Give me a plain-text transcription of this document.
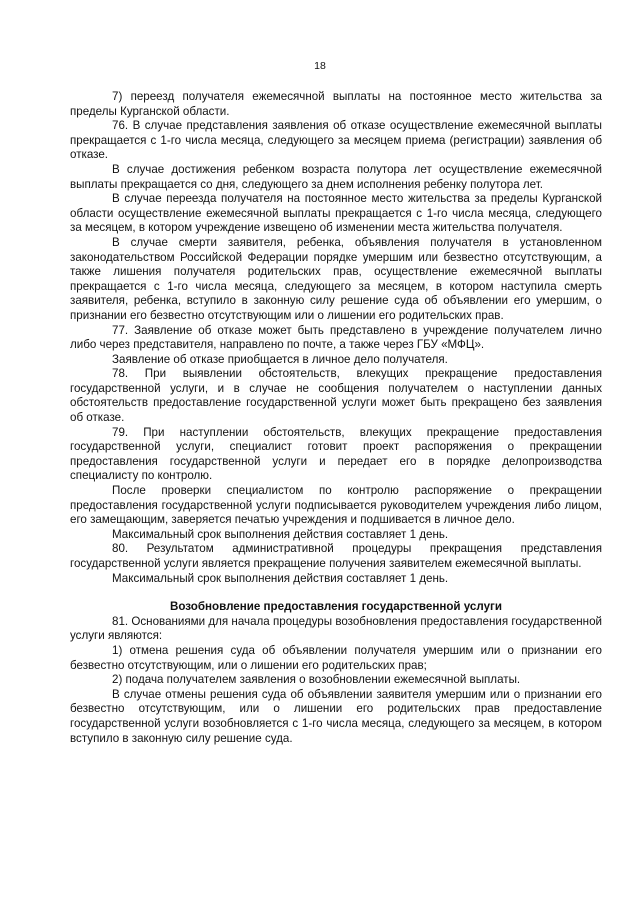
18

7) переезд получателя ежемесячной выплаты на постоянное место жительства за пределы Курганской области.

76. В случае представления заявления об отказе осуществление ежемесячной выплаты прекращается с 1-го числа месяца, следующего за месяцем приема (регистрации) заявления об отказе.

В случае достижения ребенком возраста полутора лет осуществление ежемесячной выплаты прекращается со дня, следующего за днем исполнения ребенку полутора лет.

В случае переезда получателя на постоянное место жительства за пределы Курганской области осуществление ежемесячной выплаты прекращается с 1-го числа месяца, следующего за месяцем, в котором учреждение извещено об изменении места жительства получателя.

В случае смерти заявителя, ребенка, объявления получателя в установленном законодательством Российской Федерации порядке умершим или безвестно отсутствующим, а также лишения получателя родительских прав, осуществление ежемесячной выплаты прекращается с 1-го числа месяца, следующего за месяцем, в котором наступила смерть заявителя, ребенка, вступило в законную силу решение суда об объявлении его умершим, о признании его безвестно отсутствующим или о лишении его родительских прав.

77. Заявление об отказе может быть представлено в учреждение получателем лично либо через представителя, направлено по почте, а также через ГБУ «МФЦ».

Заявление об отказе приобщается в личное дело получателя.

78. При выявлении обстоятельств, влекущих прекращение предоставления государственной услуги, и в случае не сообщения получателем о наступлении данных обстоятельств предоставление государственной услуги может быть прекращено без заявления об отказе.

79. При наступлении обстоятельств, влекущих прекращение предоставления государственной услуги, специалист готовит проект распоряжения о прекращении предоставления государственной услуги и передает его в порядке делопроизводства специалисту по контролю.

После проверки специалистом по контролю распоряжение о прекращении предоставления государственной услуги подписывается руководителем учреждения либо лицом, его замещающим, заверяется печатью учреждения и подшивается в личное дело.

Максимальный срок выполнения действия составляет 1 день.

80. Результатом административной процедуры прекращения представления государственной услуги является прекращение получения заявителем ежемесячной выплаты.

Максимальный срок выполнения действия составляет 1 день.

Возобновление предоставления государственной услуги

81. Основаниями для начала процедуры возобновления предоставления государственной услуги являются:

1) отмена решения суда об объявлении получателя умершим или о признании его безвестно отсутствующим, или о лишении его родительских прав;

2) подача получателем заявления о возобновлении ежемесячной выплаты.

В случае отмены решения суда об объявлении заявителя умершим или о признании его безвестно отсутствующим, или о лишении его родительских прав предоставление государственной услуги возобновляется с 1-го числа месяца, следующего за месяцем, в котором вступило в законную силу решение суда.
